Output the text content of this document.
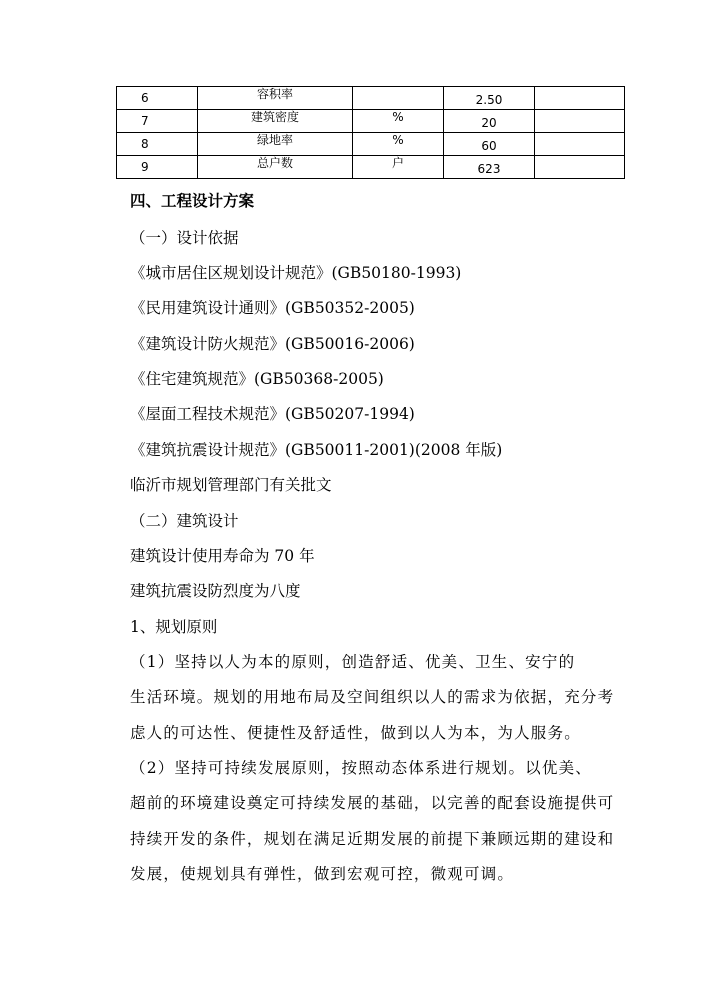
6	容积率		2.50	
7	建筑密度	%	20	
8	绿地率	%	60	
9	总户数	户	623	
四、工程设计方案
（一）设计依据
《城市居住区规划设计规范》(GB50180-1993)
《民用建筑设计通则》(GB50352-2005)
《建筑设计防火规范》(GB50016-2006)
《住宅建筑规范》(GB50368-2005)
《屋面工程技术规范》(GB50207-1994)
《建筑抗震设计规范》(GB50011-2001)(2008 年版)
临沂市规划管理部门有关批文
（二）建筑设计
建筑设计使用寿命为 70 年
建筑抗震设防烈度为八度
1、规划原则
（1）坚持以人为本的原则，创造舒适、优美、卫生、安宁的
生活环境。规划的用地布局及空间组织以人的需求为依据，充分考
虑人的可达性、便捷性及舒适性，做到以人为本，为人服务。
（2）坚持可持续发展原则，按照动态体系进行规划。以优美、
超前的环境建设奠定可持续发展的基础，以完善的配套设施提供可
持续开发的条件，规划在满足近期发展的前提下兼顾远期的建设和
发展，使规划具有弹性，做到宏观可控，微观可调。
